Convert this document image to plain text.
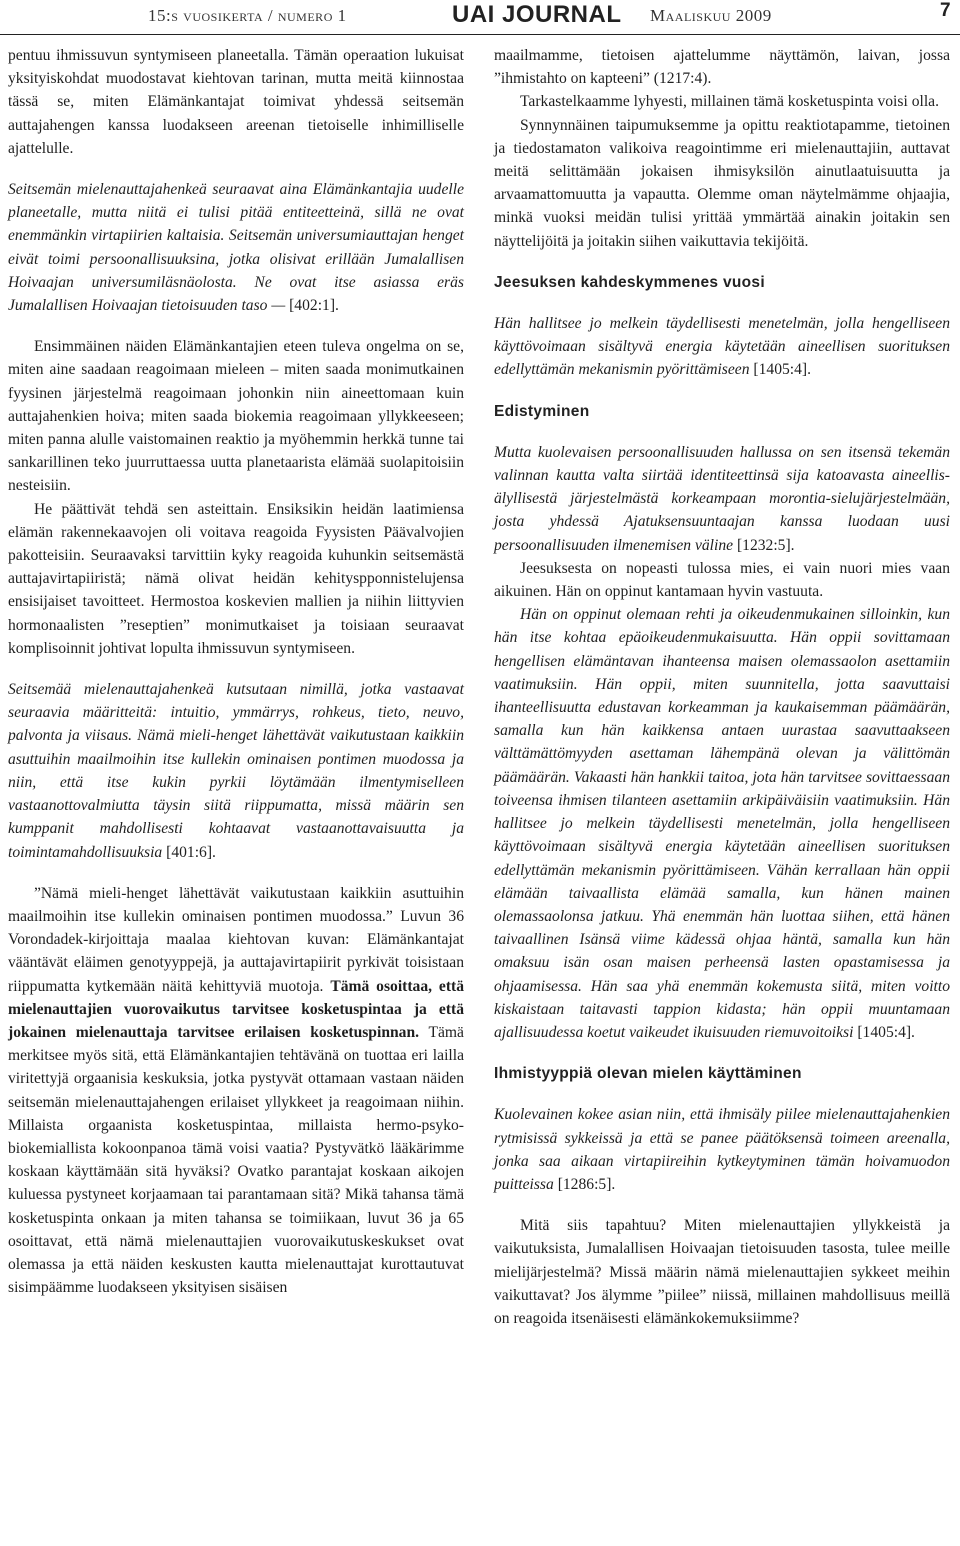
15:s vuosikerta / numero 1	UAI JOURNAL Maaliskuu 2009	7

pentuu ihmissuvun syntymiseen planeetalla. Tämän operaation lukuisat yksityiskohdat muodostavat kiehtovan tarinan, mutta meitä kiinnostaa tässä se, miten Elämänkantajat toimivat yhdessä seitsemän auttajahengen kanssa luodakseen areenan tietoiselle inhimilliselle ajattelulle.

Seitsemän mielenauttajahenkeä seuraavat aina Elämänkantajia uudelle planeetalle, mutta niitä ei tulisi pitää entiteetteinä, sillä ne ovat enemmänkin virtapiirien kaltaisia. Seitsemän universumiauttajan henget eivät toimi persoonallisuuksina, jotka olisivat erillään Jumalallisen Hoivaajan universumiläsnäolosta. Ne ovat itse asiassa eräs Jumalallisen Hoivaajan tietoisuuden taso — [402:1].

Ensimmäinen näiden Elämänkantajien eteen tuleva ongelma on se, miten aine saadaan reagoimaan mieleen – miten saada monimutkainen fyysinen järjestelmä reagoimaan johonkin niin aineettomaan kuin auttajahenkien hoiva; miten saada biokemia reagoimaan yllykkeeseen; miten panna alulle vaistomainen reaktio ja myöhemmin herkkä tunne tai sankarillinen teko juurruttaessa uutta planetaarista elämää suolapitoisiin nesteisiin.

He päättivät tehdä sen asteittain. Ensiksikin heidän laatimiensa elämän rakennekaavojen oli voitava reagoida Fyysisten Päävalvojien pakotteisiin. Seuraavaksi tarvittiin kyky reagoida kuhunkin seitsemästä auttajavirtapiiristä; nämä olivat heidän kehityspponnistelujensa ensisijaiset tavoitteet. Hermostoa koskevien mallien ja niihin liittyvien hormonaalisten ”reseptien” monimutkaiset ja toisiaan seuraavat komplisoinnit johtivat lopulta ihmissuvun syntymiseen.

Seitsemää mielenauttajahenkeä kutsutaan nimillä, jotka vastaavat seuraavia määritteitä: intuitio, ymmärrys, rohkeus, tieto, neuvo, palvonta ja viisaus. Nämä mieli-henget lähettävät vaikutustaan kaikkiin asuttuihin maailmoihin itse kullekin ominaisen pontimen muodossa ja niin, että itse kukin pyrkii löytämään ilmentymiselleen vastaanottovalmiutta täysin siitä riippumatta, missä määrin sen kumppanit mahdollisesti kohtaavat vastaanottavaisuutta ja toimintamahdollisuuksia [401:6].

”Nämä mieli-henget lähettävät vaikutustaan kaikkiin asuttuihin maailmoihin itse kullekin ominaisen pontimen muodossa.” Luvun 36 Vorondadek-kirjoittaja maalaa kiehtovan kuvan: Elämänkantajat vääntävät eläimen genotyyppejä, ja auttajavirtapiirit pyrkivät toisistaan riippumatta kytkemään näitä kehittyviä muotoja. Tämä osoittaa, että mielenauttajien vuorovaikutus tarvitsee kosketuspintaa ja että jokainen mielenauttaja tarvitsee erilaisen kosketuspinnan. Tämä merkitsee myös sitä, että Elämänkantajien tehtävänä on tuottaa eri lailla viritettyjä orgaanisia keskuksia, jotka pystyvät ottamaan vastaan näiden seitsemän mielenauttajahengen erilaiset yllykkeet ja reagoimaan niihin. Millaista orgaanista kosketuspintaa, millaista hermo-psyko-biokemiallista kokoonpanoa tämä voisi vaatia? Pystyvätkö lääkärimme koskaan käyttämään sitä hyväksi? Ovatko parantajat koskaan aikojen kuluessa pystyneet korjaamaan tai parantamaan sitä? Mikä tahansa tämä kosketuspinta onkaan ja miten tahansa se toimiikaan, luvut 36 ja 65 osoittavat, että nämä mielenauttajien vuorovaikutuskeskukset ovat olemassa ja että näiden keskusten kautta mielenauttajat kurottautuvat sisimpäämme luodakseen yksityisen sisäisen

maailmamme, tietoisen ajattelumme näyttämön, laivan, jossa ”ihmistahto on kapteeni” (1217:4).

Tarkastelkaamme lyhyesti, millainen tämä kosketuspinta voisi olla.

Synnynnäinen taipumuksemme ja opittu reaktiotapamme, tietoinen ja tiedostamaton valikoiva reagointimme eri mielenauttajiin, auttavat meitä selittämään jokaisen ihmisyksilön ainutlaatuisuutta ja arvaamattomuutta ja vapautta. Olemme oman näytelmämme ohjaajia, minkä vuoksi meidän tulisi yrittää ymmärtää ainakin joitakin sen näyttelijöitä ja joitakin siihen vaikuttavia tekijöitä.

Jeesuksen kahdeskymmenes vuosi

Hän hallitsee jo melkein täydellisesti menetelmän, jolla hengelliseen käyttövoimaan sisältyvä energia käytetään aineellisen suorituksen edellyttämän mekanismin pyörittämiseen [1405:4].

Edistyminen

Mutta kuolevaisen persoonallisuuden hallussa on sen itsensä tekemän valinnan kautta valta siirtää identiteettinsä sija katoavasta aineellis-älyllisestä järjestelmästä korkeampaan morontia-sielujärjestelmään, josta yhdessä Ajatuksensuuntaajan kanssa luodaan uusi persoonallisuuden ilmenemisen väline [1232:5].

Jeesuksesta on nopeasti tulossa mies, ei vain nuori mies vaan aikuinen. Hän on oppinut kantamaan hyvin vastuuta.

Hän on oppinut olemaan rehti ja oikeudenmukainen silloinkin, kun hän itse kohtaa epäoikeudenmukaisuutta. Hän oppii sovittamaan hengellisen elämäntavan ihanteensa maisen olemassaolon asettamiin vaatimuksiin. Hän oppii, miten suunnitella, jotta saavuttaisi ihanteellisuutta edustavan korkeamman ja kaukaisemman päämäärän, samalla kun hän kaikkensa antaen uurastaa saavuttaakseen välttämättömyyden asettaman lähempänä olevan ja välittömän päämäärän. Vakaasti hän hankkii taitoa, jota hän tarvitsee sovittaessaan toiveensa ihmisen tilanteen asettamiin arkipäiväisiin vaatimuksiin. Hän hallitsee jo melkein täydellisesti menetelmän, jolla hengelliseen käyttövoimaan sisältyvä energia käytetään aineellisen suorituksen edellyttämän mekanismin pyörittämiseen. Vähän kerrallaan hän oppii elämään taivaallista elämää samalla, kun hänen mainen olemassaolonsa jatkuu. Yhä enemmän hän luottaa siihen, että hänen taivaallinen Isänsä viime kädessä ohjaa häntä, samalla kun hän omaksuu isän osan maisen perheensä lasten opastamisessa ja ohjaamisessa. Hän saa yhä enemmän kokemusta siitä, miten voitto kiskaistaan taitavasti tappion kidasta; hän oppii muuntamaan ajallisuudessa koetut vaikeudet ikuisuuden riemuvoitoiksi [1405:4].

Ihmistyyppiä olevan mielen käyttäminen

Kuolevainen kokee asian niin, että ihmisäly piilee mielenauttajahenkien rytmisissä sykkeissä ja että se panee päätöksensä toimeen areenalla, jonka saa aikaan virtapiireihin kytkeytyminen tämän hoivamuodon puitteissa [1286:5].

Mitä siis tapahtuu? Miten mielenauttajien yllykkeistä ja vaikutuksista, Jumalallisen Hoivaajan tietoisuuden tasosta, tulee meille mielijärjestelmä? Missä määrin nämä mielenauttajien sykkeet meihin vaikuttavat? Jos älymme ”piilee” niissä, millainen mahdollisuus meillä on reagoida itsenäisesti elämänkokemuksiimme?
